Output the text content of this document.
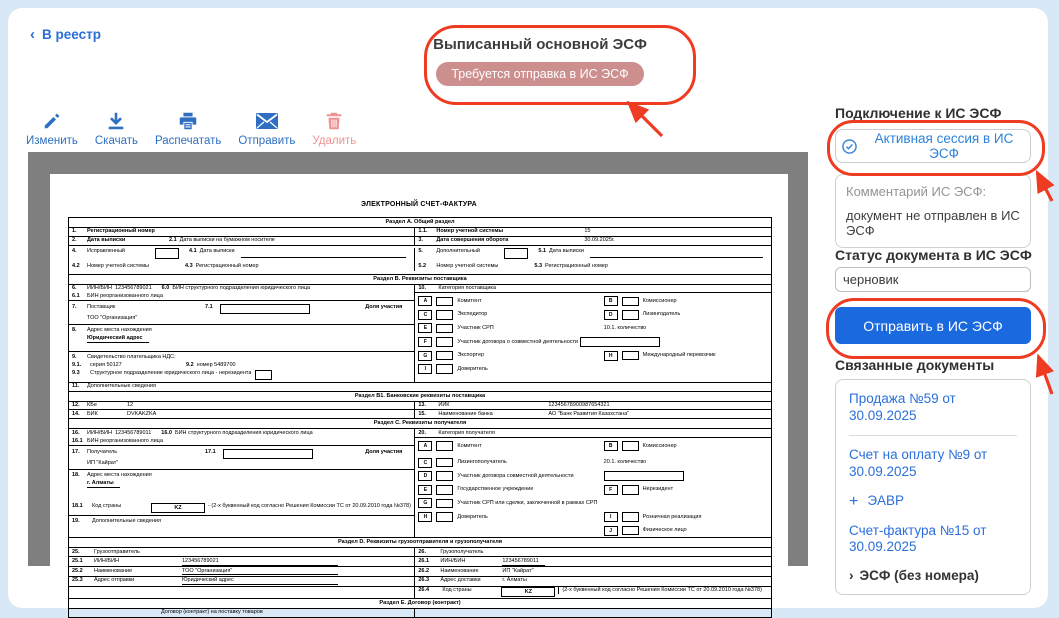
‹ В реестр
Выписанный основной ЭСФ
Требуется отправка в ИС ЭСФ
Изменить Скачать Распечатать Отправить Удалить
ЭЛЕКТРОННЫЙ СЧЕТ-ФАКТУРА
Раздел А. Общий раздел
1.	Регистрационный номер	1.1.	Номер учетной системы	15
2.	Дата выписки	2.1 Дата выписки на бумажном носителе	3.	Дата совершения оборота	30.09.2025г.
4.	Исправленный	4.1 Дата выписки
4.2	Номер учетной системы	4.3 Регистрационный номер
5.	Дополнительный	5.1 Дата выписки
5.2	Номер учетной системы	5.3 Регистрационный номер
Раздел В. Реквизиты поставщика
6.	ИИН/БИН 123456789021 6.0 БИН структурного подразделения юридического лица
6.1	БИН реорганизованного лица
7.	Поставщик	7.1	Доля участия
ТОО "Организация"
8.	Адрес места нахождения
Юридический адрес
9.	Свидетельство плательщика НДС:
9.1.	серия 50127	9.2 номер 5489700
9.3	Структурное подразделение юридического лица - нерезидента
10.	Категория поставщика
A	Комитент	B	Комиссионер
C	Экспедитор	D	Лизингодатель
E	Участник СРП	10.1. количество
F	Участник договора о совместной деятельности
G	Экспортер	H	Международный перевозчик
I	Доверитель
11.	Дополнительные сведения
Раздел В1. Банковские реквизиты поставщика
12.	КБе	12	13.	ИИК	12345678900987654321
14.	БИК	DVKAKZKA	15.	Наименование банка	АО "Банк Развития Казахстана"
Раздел С. Реквизиты получателя
16.	ИИН/БИН 123456789011 16.0 БИН структурного подразделения юридического лица
16.1 БИН реорганизованного лица
17.	Получатель	17.1	Доля участия
ИП "Кайрат"
18.	Адрес места нахождения
г. Алматы
18.1	Код страны	KZ	- (2-х буквенный код согласно Решения Комиссии ТС от 20.09.2010 года №378)
19.	Дополнительные сведения
20.	Категория получателя
A	Комитент	B	Комиссионер
C	Лизингополучатель	20.1. количество
D	Участник договора совместной деятельности
E	Государственное учреждение	F	Нерезидент
G	Участник СРП или сделки, заключенной в рамках СРП
H	Доверитель	I	Розничная реализация
J	Физическое лицо
Раздел D. Реквизиты грузоотправителя и грузополучателя
25.	Грузоотправитель	26.	Грузополучатель
25.1	ИИН/БИН	123456789021	26.1	ИИН/БИН	123456789011
25.2	Наименование	ТОО "Организация"	26.2	Наименование	ИП "Кайрат"
25.3	Адрес отправки	Юридический адрес	26.3	Адрес доставки	г. Алматы
26.4	Код страны	KZ	(2-х буквенный код согласно Решения Комиссии ТС от 20.09.2010 года №378)
Раздел Е. Договор (контракт)
Договор (контракт) на поставку товаров
Подключение к ИС ЭСФ
Активная сессия в ИС ЭСФ
Комментарий ИС ЭСФ:
документ не отправлен в ИС ЭСФ
Статус документа в ИС ЭСФ
черновик
Отправить в ИС ЭСФ
Связанные документы
Продажа №59 от 30.09.2025
Счет на оплату №9 от 30.09.2025
+ ЭАВР
Счет-фактура №15 от 30.09.2025
› ЭСФ (без номера)
